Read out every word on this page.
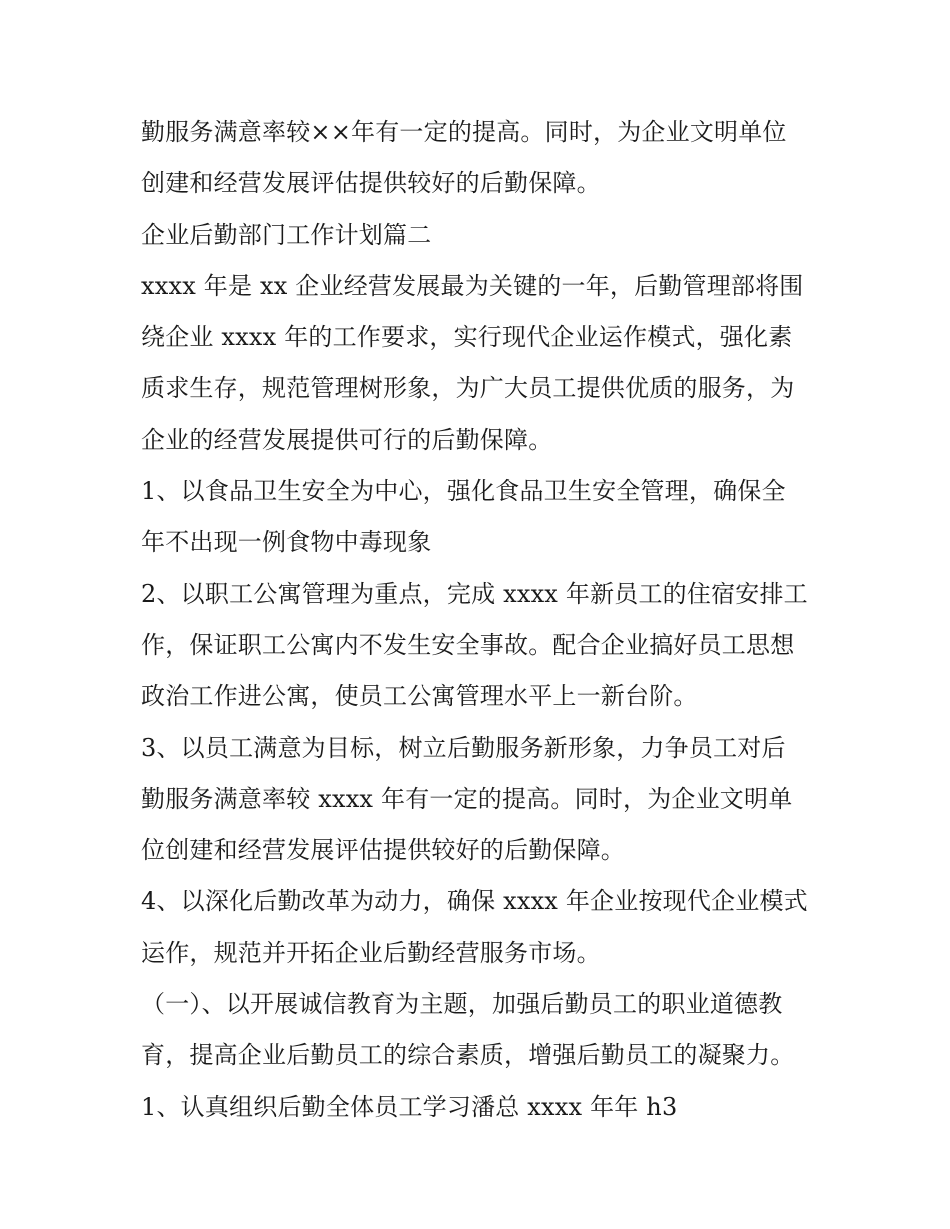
勤服务满意率较××年有一定的提高。同时，为企业文明单位

创建和经营发展评估提供较好的后勤保障。

企业后勤部门工作计划篇二

xxxx 年是 xx 企业经营发展最为关键的一年，后勤管理部将围

绕企业 xxxx 年的工作要求，实行现代企业运作模式，强化素

质求生存，规范管理树形象，为广大员工提供优质的服务，为

企业的经营发展提供可行的后勤保障。

1、以食品卫生安全为中心，强化食品卫生安全管理，确保全

年不出现一例食物中毒现象

2、以职工公寓管理为重点，完成 xxxx 年新员工的住宿安排工

作，保证职工公寓内不发生安全事故。配合企业搞好员工思想

政治工作进公寓，使员工公寓管理水平上一新台阶。

3、以员工满意为目标，树立后勤服务新形象，力争员工对后

勤服务满意率较 xxxx 年有一定的提高。同时，为企业文明单

位创建和经营发展评估提供较好的后勤保障。

4、以深化后勤改革为动力，确保 xxxx 年企业按现代企业模式

运作，规范并开拓企业后勤经营服务市场。

（一）、以开展诚信教育为主题，加强后勤员工的职业道德教

育，提高企业后勤员工的综合素质，增强后勤员工的凝聚力。

1、认真组织后勤全体员工学习潘总 xxxx 年年 h3
